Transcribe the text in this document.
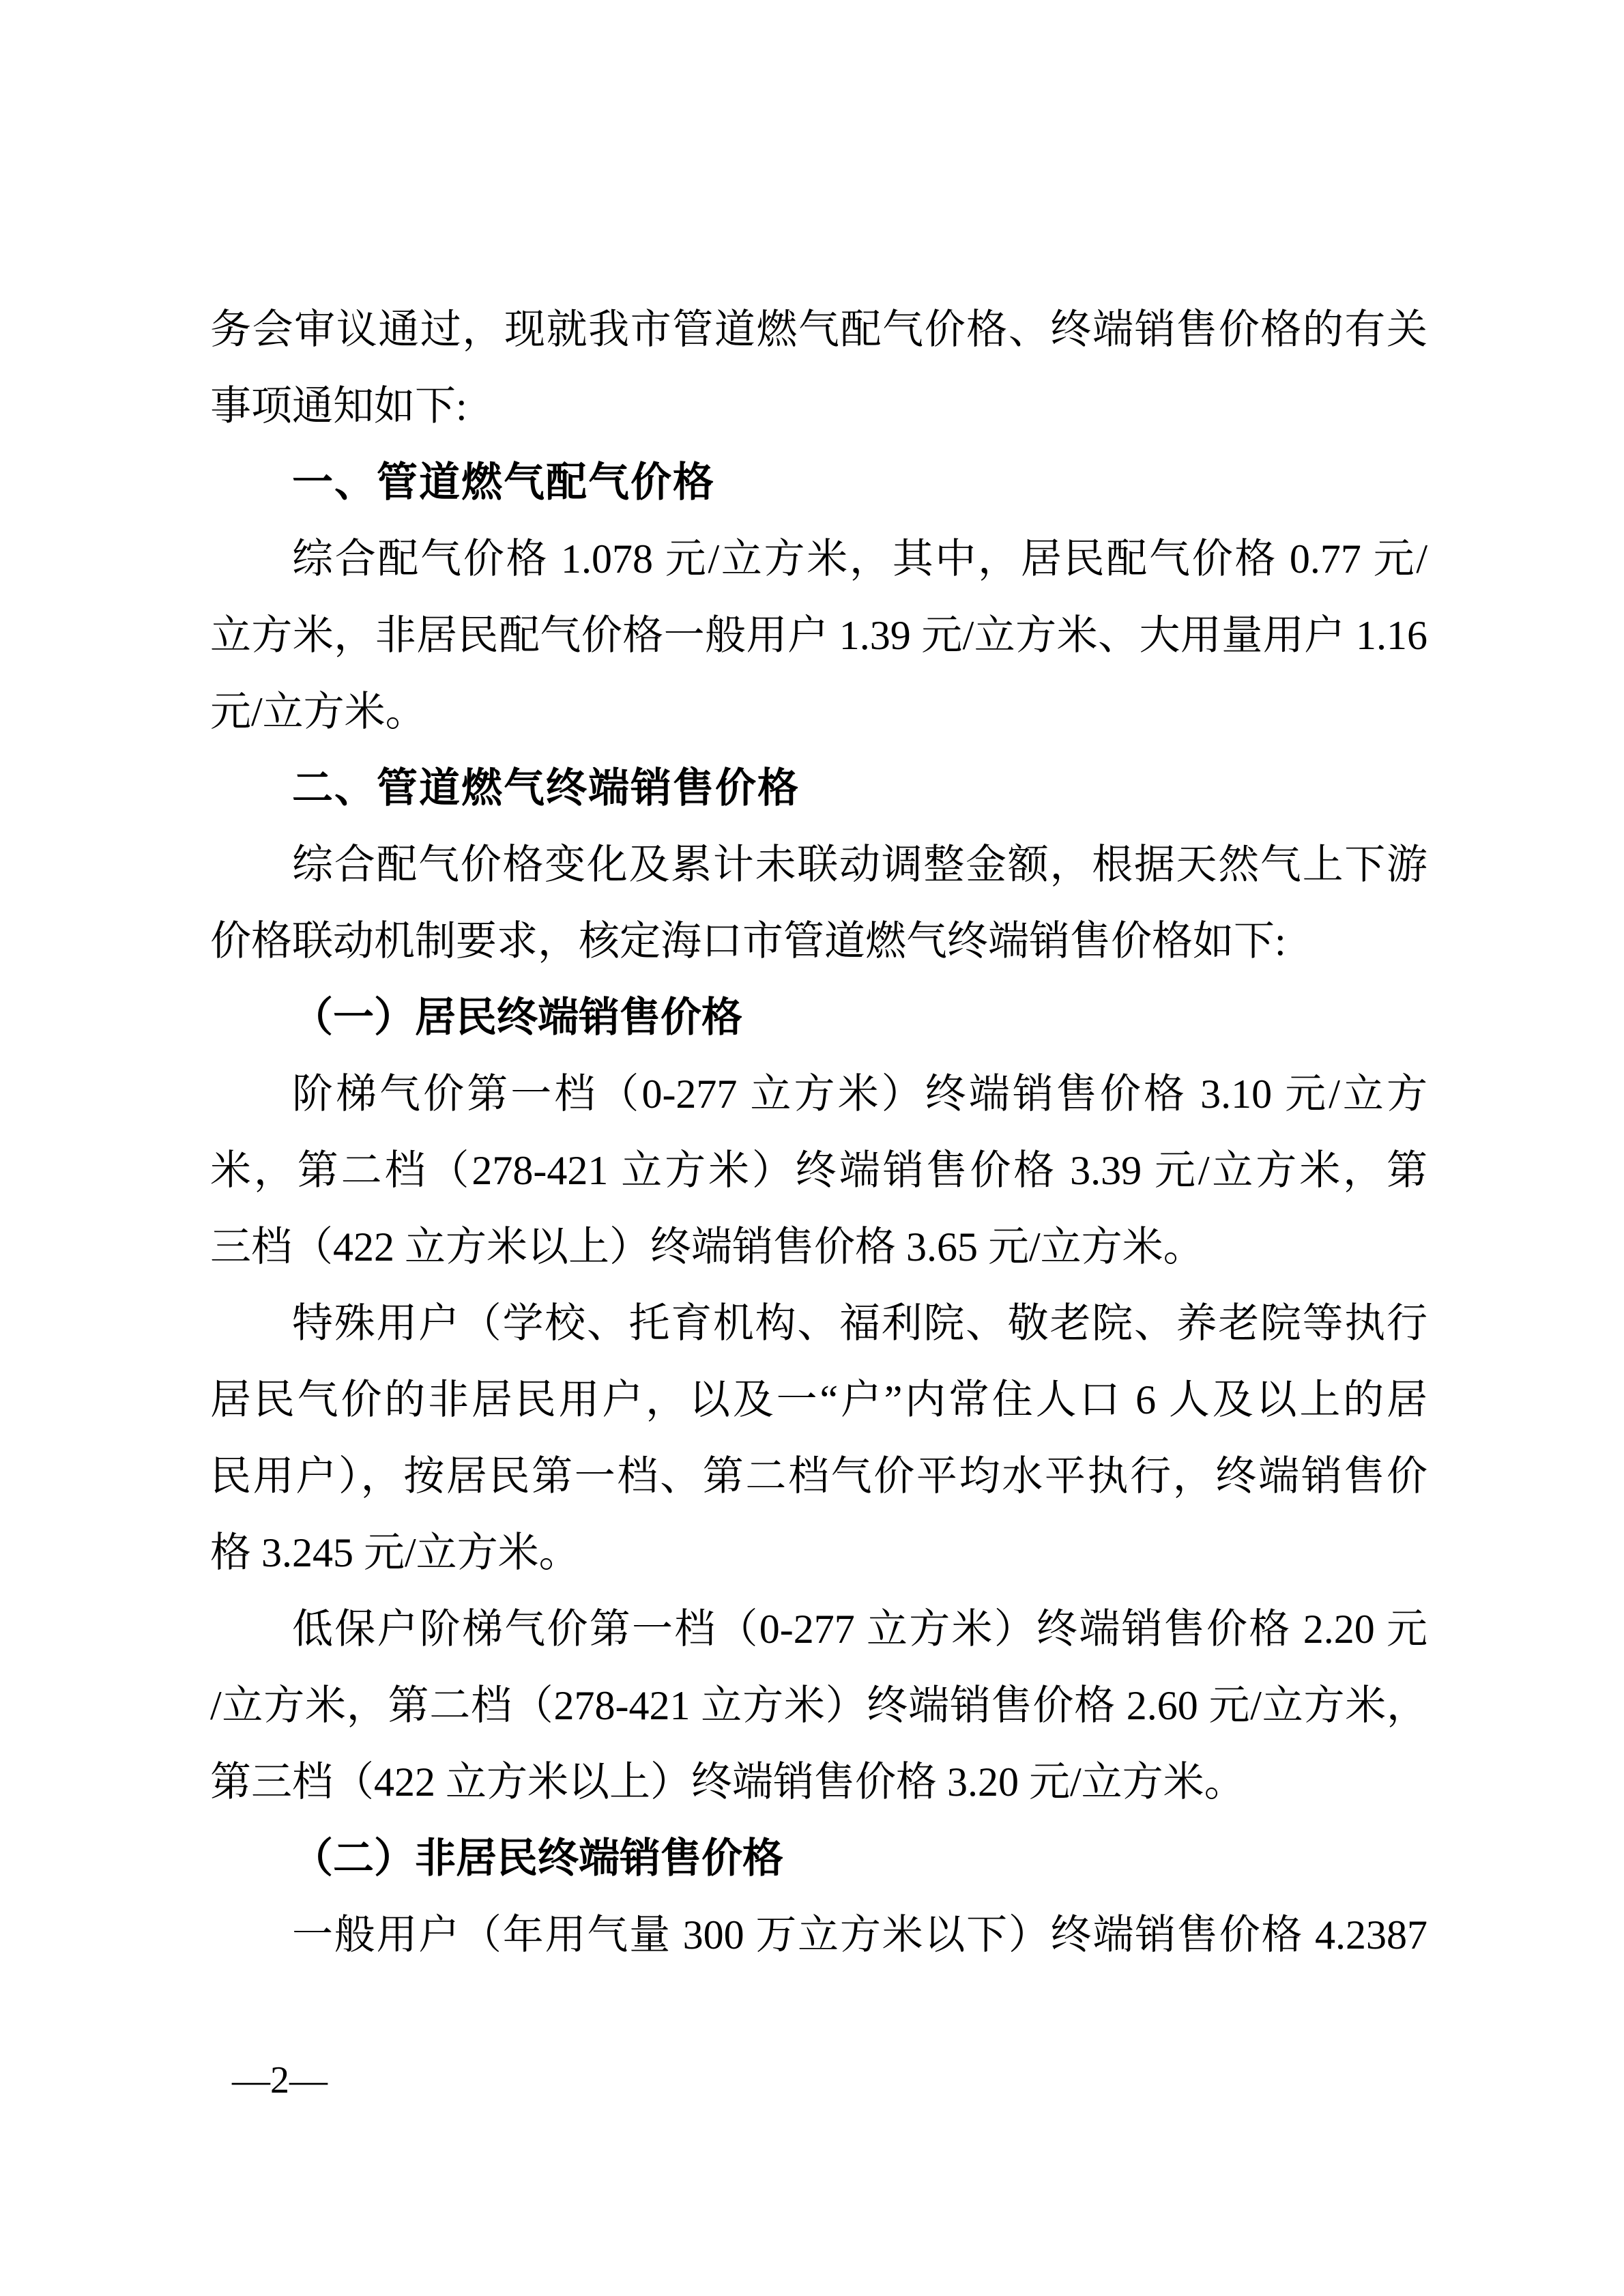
务会审议通过，现就我市管道燃气配气价格、终端销售价格的有关
事项通知如下:
一、管道燃气配气价格
综合配气价格 1.078 元/立方米，其中，居民配气价格 0.77 元/
立方米，非居民配气价格一般用户 1.39 元/立方米、大用量用户 1.16
元/立方米。
二、管道燃气终端销售价格
综合配气价格变化及累计未联动调整金额，根据天然气上下游
价格联动机制要求，核定海口市管道燃气终端销售价格如下:
（一）居民终端销售价格
阶梯气价第一档（0-277 立方米）终端销售价格 3.10 元/立方
米，第二档（278-421 立方米）终端销售价格 3.39 元/立方米，第
三档（422 立方米以上）终端销售价格 3.65 元/立方米。
特殊用户（学校、托育机构、福利院、敬老院、养老院等执行
居民气价的非居民用户，以及一“户”内常住人口 6 人及以上的居
民用户），按居民第一档、第二档气价平均水平执行，终端销售价
格 3.245 元/立方米。
低保户阶梯气价第一档（0-277 立方米）终端销售价格 2.20 元
/立方米，第二档（278-421 立方米）终端销售价格 2.60 元/立方米，
第三档（422 立方米以上）终端销售价格 3.20 元/立方米。
（二）非居民终端销售价格
一般用户（年用气量 300 万立方米以下）终端销售价格 4.2387
—2—
